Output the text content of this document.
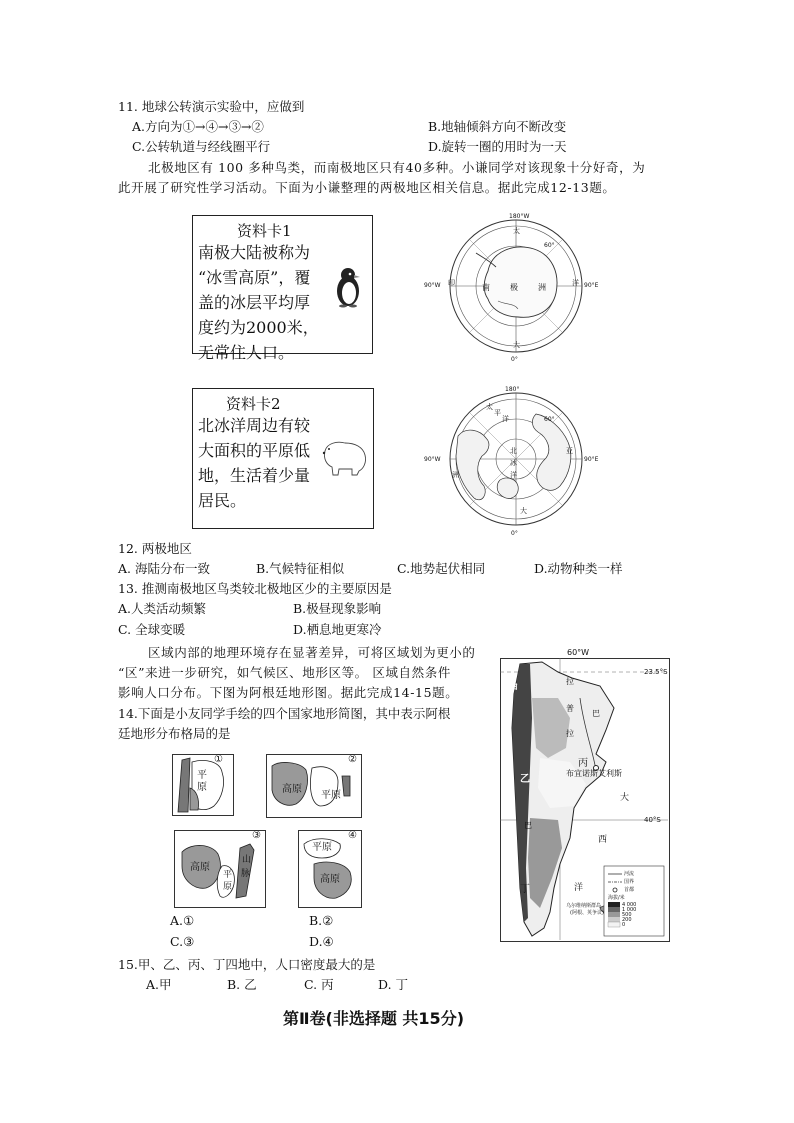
11. 地球公转演示实验中，应做到
A.方向为①→④→③→②	B.地轴倾斜方向不断改变
C.公转轨道与经线圈平行	D.旋转一圈的用时为一天
北极地区有 100 多种鸟类，而南极地区只有40多种。小谦同学对该现象十分好奇，为
此开展了研究性学习活动。下面为小谦整理的两极地区相关信息。据此完成12-13题。
资料卡1
南极大陆被称为
“冰雪高原”，覆
盖的冰层平均厚
度约为2000米，
无常住人口。
180°W
0°
90°W	90°E
60°
南	极	洲
太
大
印	洋
资料卡2
北冰洋周边有较
大面积的平原低
地，生活着少量
居民。
180°
0°
90°W	90°E
60°
太
平
洋
北
冰
洋
大
洲
亚
12. 两极地区
A. 海陆分布一致	B.气候特征相似	C.地势起伏相同	D.动物种类一样
13. 推测南极地区鸟类较北极地区少的主要原因是
A.人类活动频繁	B.极昼现象影响
C. 全球变暖	D.栖息地更寒冷
区域内部的地理环境存在显著差异，可将区域划为更小的
“区”来进一步研究，如气候区、地形区等。 区域自然条件
影响人口分布。下图为阿根廷地形图。据此完成14-15题。
14.下面是小友同学手绘的四个国家地形简图，其中表示阿根
廷地形分布格局的是
①
平
原
②
高原
平原
③
高原
平
原
山
脉
④
平原
高原
A.①	B.②
C.③	D.④
60°W
23.5°S
40°S
甲
乙
丙
丁
布宜诺斯艾利斯
大
西
洋
拉
普
拉
巴
巴
乌尔维纳斯群岛
(阿根、英争议)
河流
国界
首都
海拔/米
4 000
1 000
500
200
0
15.甲、乙、丙、丁四地中，人口密度最大的是
A.甲	B. 乙	C. 丙	D. 丁
第Ⅱ卷(非选择题 共15分)
